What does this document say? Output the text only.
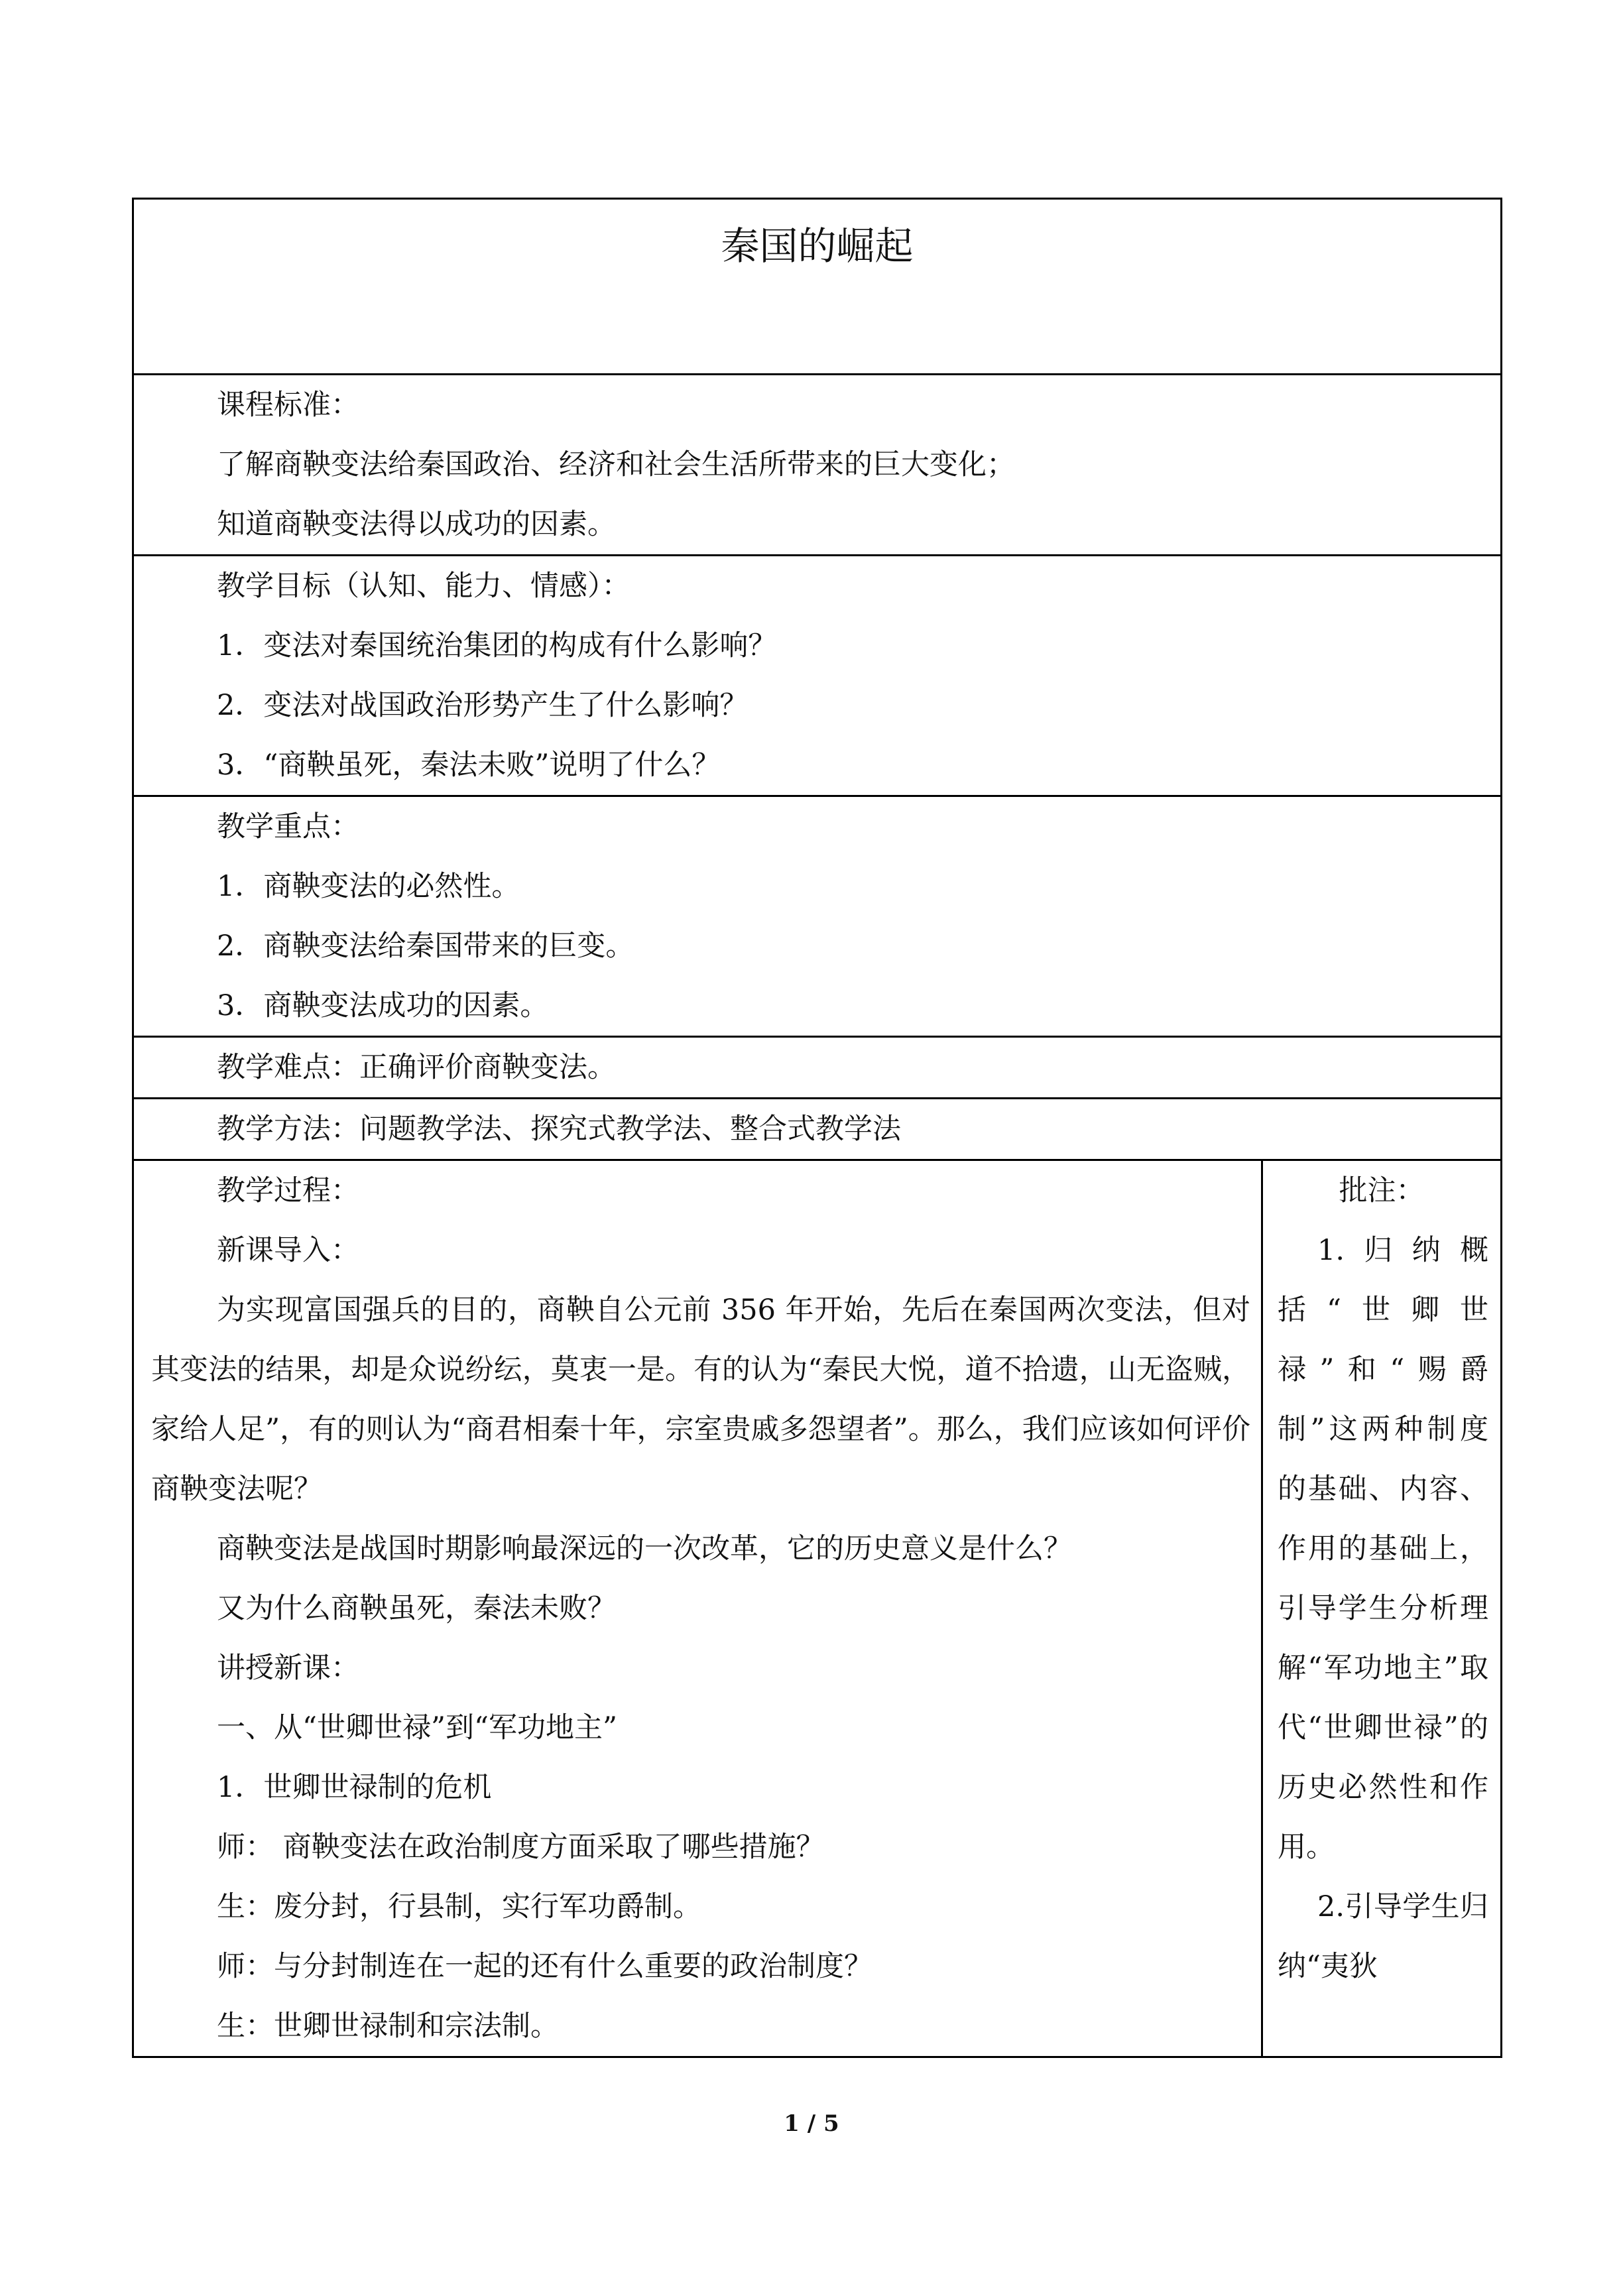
秦国的崛起

课程标准：
了解商鞅变法给秦国政治、经济和社会生活所带来的巨大变化；
知道商鞅变法得以成功的因素。

教学目标（认知、能力、情感）：
1．变法对秦国统治集团的构成有什么影响？
2．变法对战国政治形势产生了什么影响？
3．“商鞅虽死，秦法未败”说明了什么？

教学重点：
1．商鞅变法的必然性。
2．商鞅变法给秦国带来的巨变。
3．商鞅变法成功的因素。

教学难点：正确评价商鞅变法。

教学方法：问题教学法、探究式教学法、整合式教学法

教学过程：
新课导入：
为实现富国强兵的目的，商鞅自公元前 356 年开始，先后在秦国两次变法，但对其变法的结果，却是众说纷纭，莫衷一是。有的认为“秦民大悦，道不拾遗，山无盗贼，家给人足”，有的则认为“商君相秦十年，宗室贵戚多怨望者”。那么，我们应该如何评价商鞅变法呢？
商鞅变法是战国时期影响最深远的一次改革，它的历史意义是什么？
又为什么商鞅虽死，秦法未败？
讲授新课：
一、从“世卿世禄”到“军功地主”
1．世卿世禄制的危机
师： 商鞅变法在政治制度方面采取了哪些措施？
生：废分封，行县制，实行军功爵制。
师：与分封制连在一起的还有什么重要的政治制度？
生：世卿世禄制和宗法制。

批注：
1.归纳概括“世卿世禄”和“赐爵制”这两种制度的基础、内容、作用的基础上，引导学生分析理解“军功地主”取代“世卿世禄”的历史必然性和作用。
2.引导学生归纳“夷狄
1 / 5
